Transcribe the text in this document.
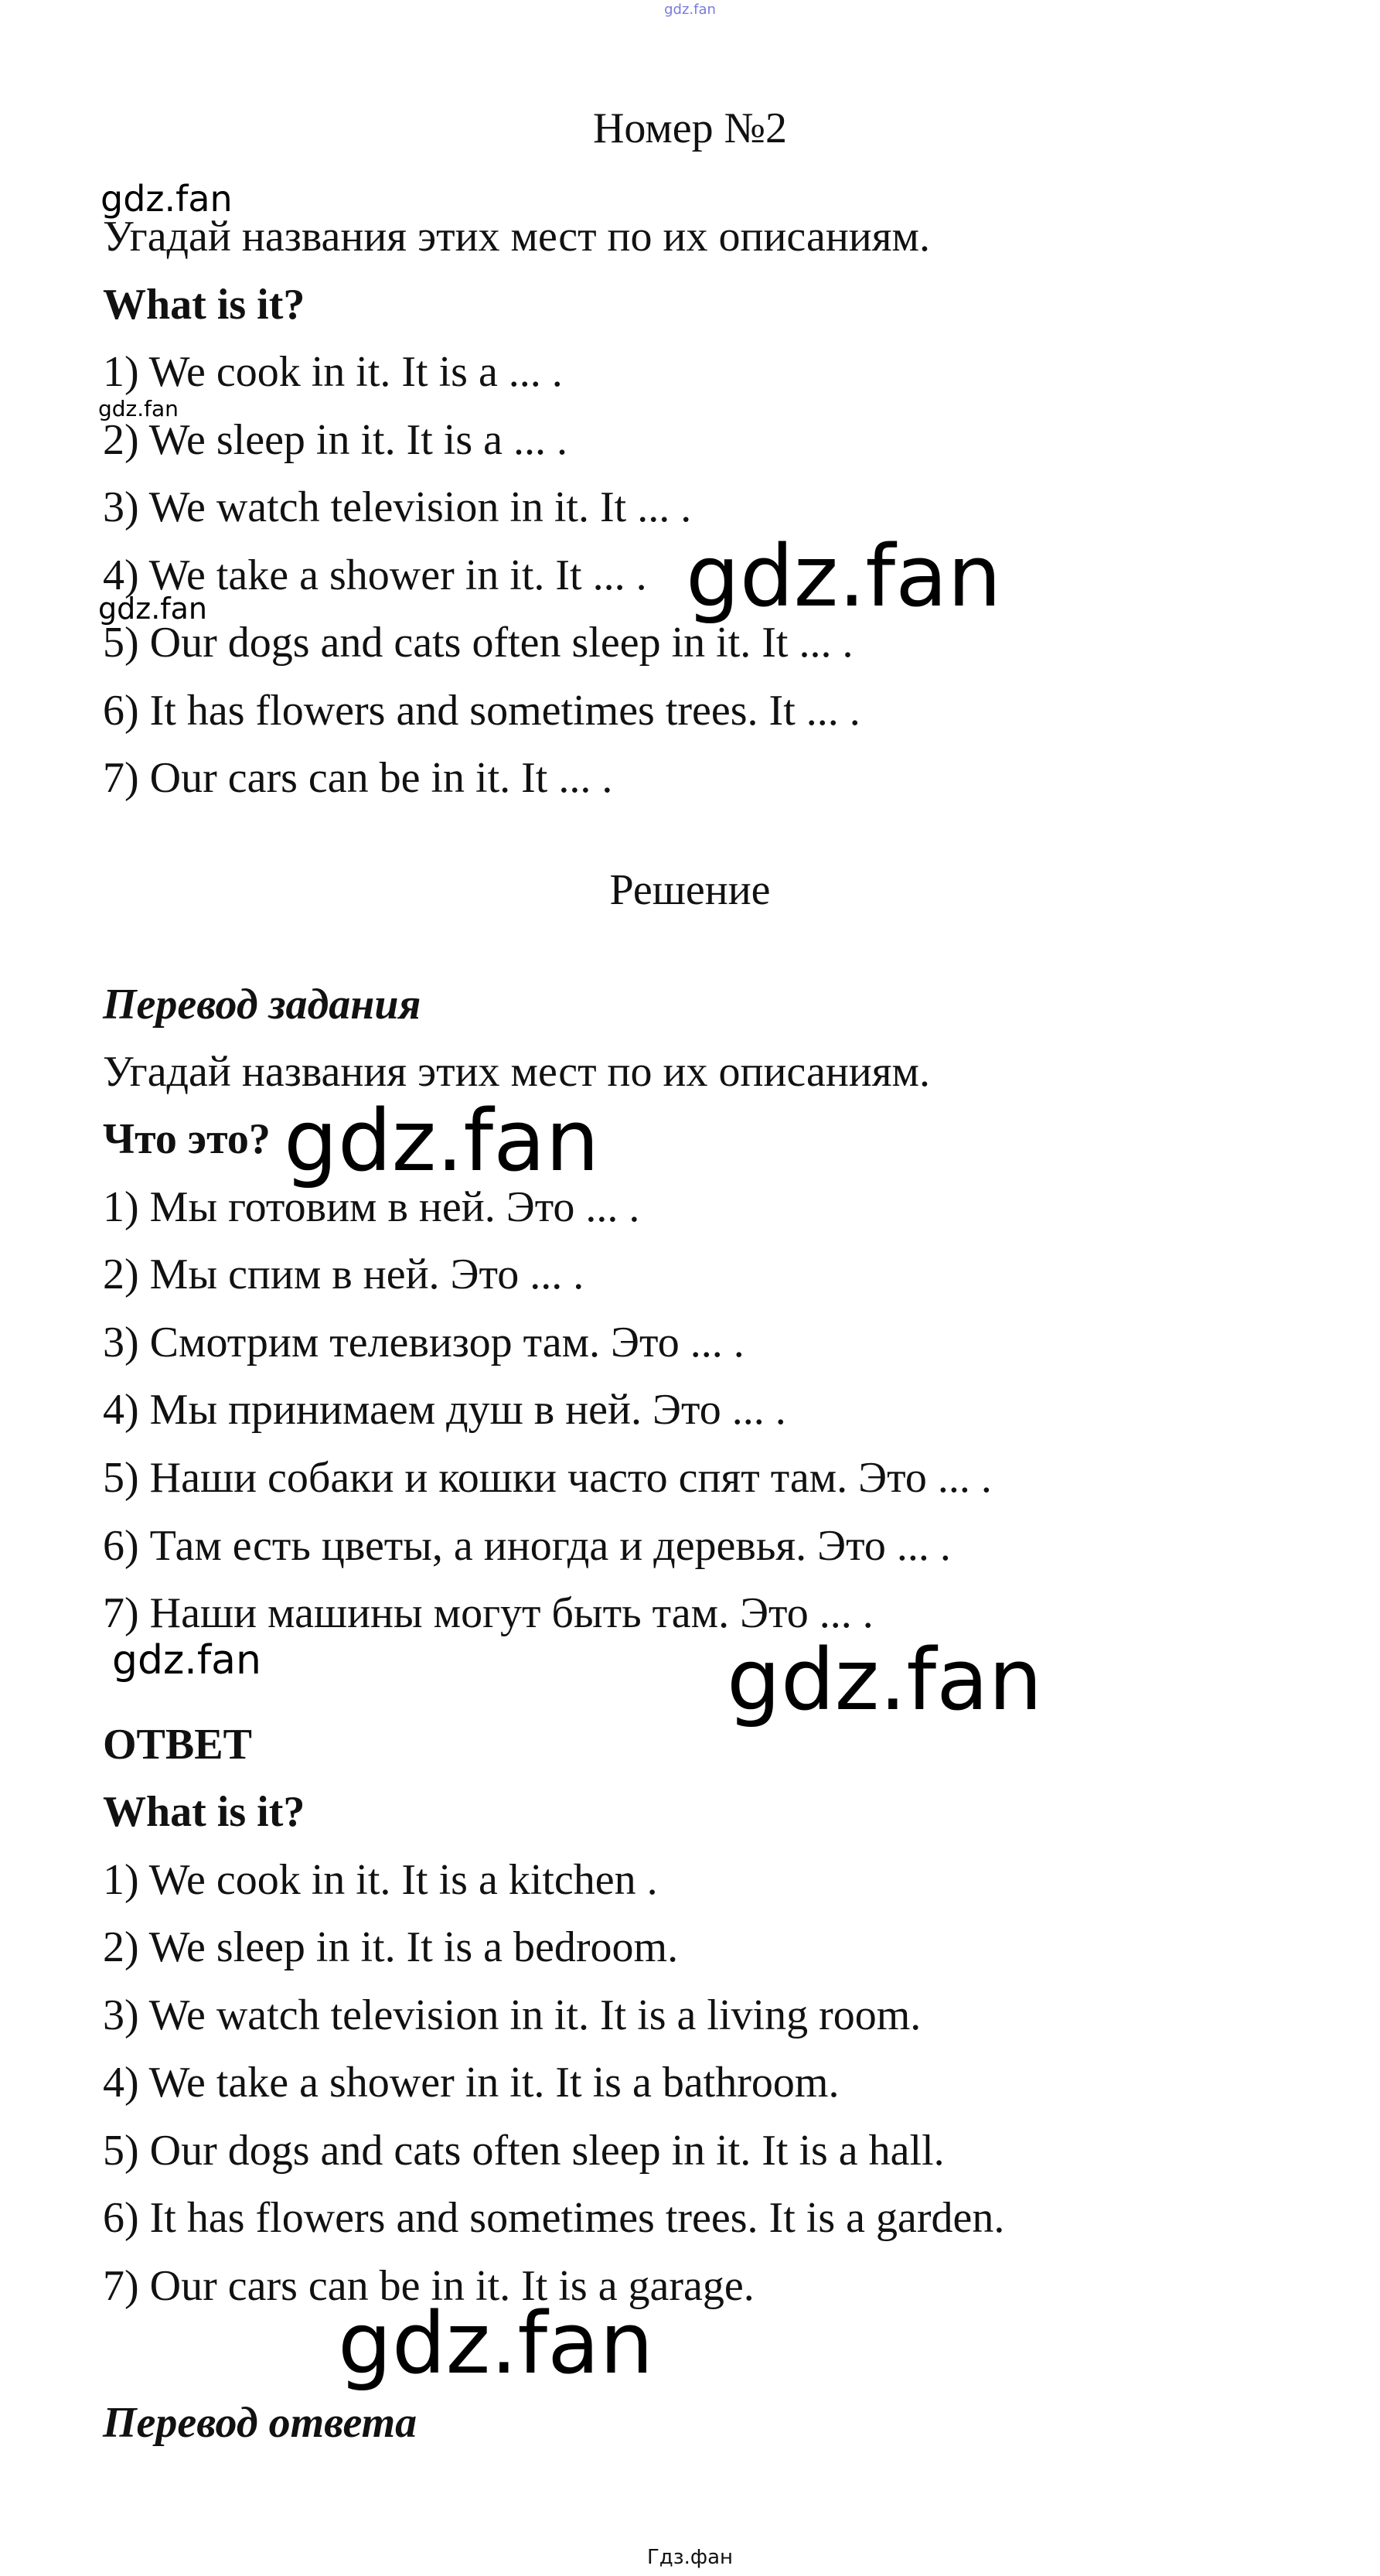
gdz.fan
Номер №2
gdz.fan
Угадай названия этих мест по их описаниям.
What is it?
1) We cook in it. It is a ... .
gdz.fan
2) We sleep in it. It is a ... .
3) We watch television in it. It ... .
4) We take a shower in it. It ... . gdz.fan
gdz.fan
5) Our dogs and cats often sleep in it. It ... .
6) It has flowers and sometimes trees. It ... .
7) Our cars can be in it. It ... .
Решение
Перевод задания
Угадай названия этих мест по их описаниям.
Что это? gdz.fan
1) Мы готовим в ней. Это ... .
2) Мы спим в ней. Это ... .
3) Смотрим телевизор там. Это ... .
4) Мы принимаем душ в ней. Это ... .
5) Наши собаки и кошки часто спят там. Это ... .
6) Там есть цветы, а иногда и деревья. Это ... .
7) Наши машины могут быть там. Это ... .
gdz.fan	gdz.fan
ОТВЕТ
What is it?
1) We cook in it. It is a kitchen .
2) We sleep in it. It is a bedroom.
3) We watch television in it. It is a living room.
4) We take a shower in it. It is a bathroom.
5) Our dogs and cats often sleep in it. It is a hall.
6) It has flowers and sometimes trees. It is a garden.
7) Our cars can be in it. It is a garage.
gdz.fan
Перевод ответа
Гдз.фан
